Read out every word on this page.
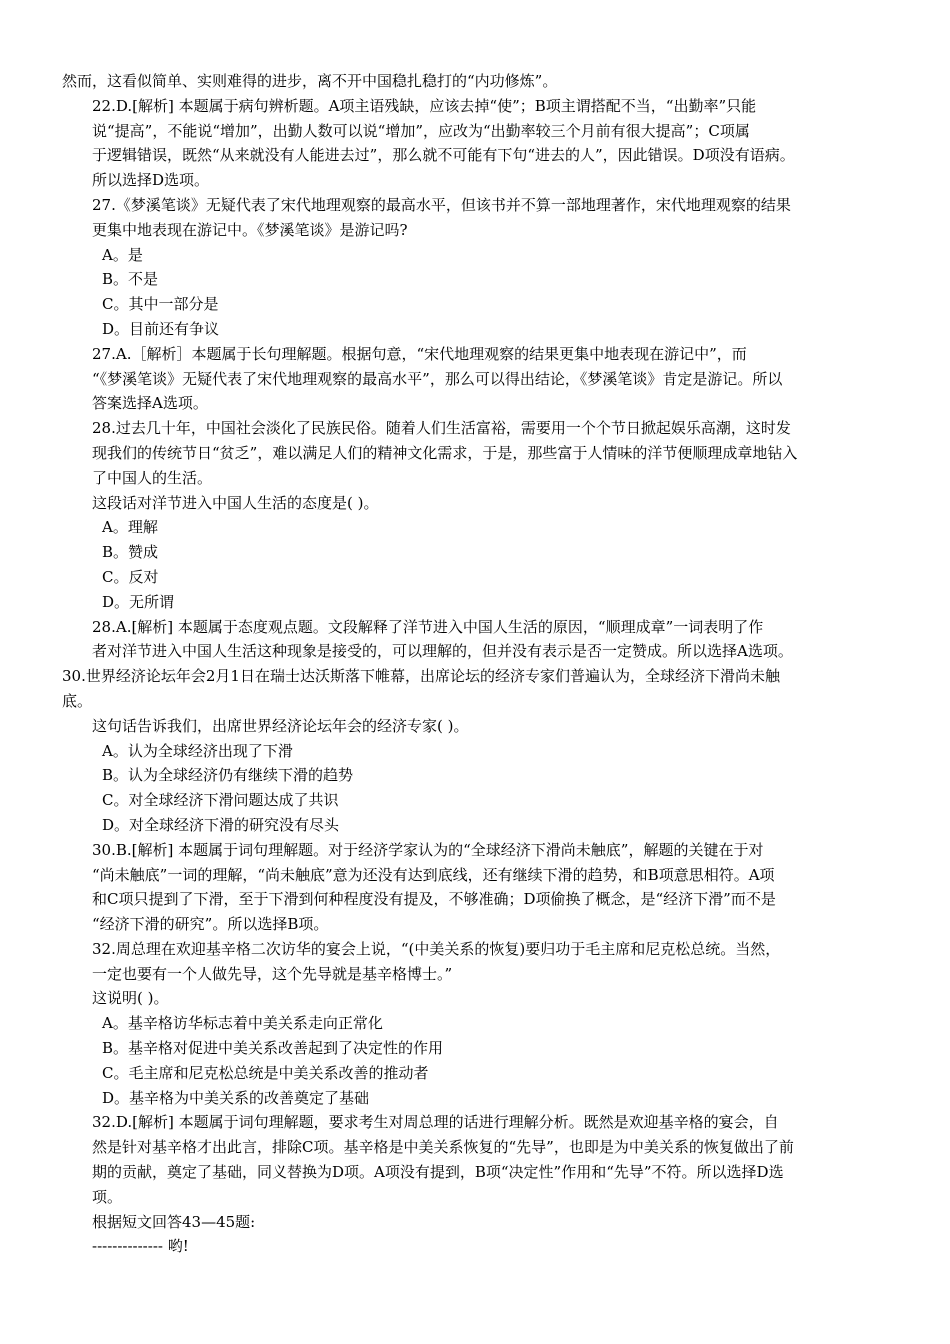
然而，这看似简单、实则难得的进步，离不开中国稳扎稳打的“内功修炼”。
22.D.[解析] 本题属于病句辨析题。A项主语残缺，应该去掉“使”；B项主谓搭配不当，“出勤率”只能
说“提高”，不能说“增加”，出勤人数可以说“增加”，应改为“出勤率较三个月前有很大提高”；C项属
于逻辑错误，既然“从来就没有人能进去过”，那么就不可能有下句“进去的人”，因此错误。D项没有语病。
所以选择D选项。
27.《梦溪笔谈》无疑代表了宋代地理观察的最高水平，但该书并不算一部地理著作，宋代地理观察的结果
更集中地表现在游记中。《梦溪笔谈》是游记吗?
A。是
B。不是
C。其中一部分是
D。目前还有争议
27.A.［解析］本题属于长句理解题。根据句意，“宋代地理观察的结果更集中地表现在游记中”，而
“《梦溪笔谈》无疑代表了宋代地理观察的最高水平”，那么可以得出结论，《梦溪笔谈》肯定是游记。所以
答案选择A选项。
28.过去几十年，中国社会淡化了民族民俗。随着人们生活富裕，需要用一个个节日掀起娱乐高潮，这时发
现我们的传统节日“贫乏”，难以满足人们的精神文化需求，于是，那些富于人情味的洋节便顺理成章地钻入
了中国人的生活。
这段话对洋节进入中国人生活的态度是( )。
A。理解
B。赞成
C。反对
D。无所谓
28.A.[解析] 本题属于态度观点题。文段解释了洋节进入中国人生活的原因，“顺理成章”一词表明了作
者对洋节进入中国人生活这种现象是接受的，可以理解的，但并没有表示是否一定赞成。所以选择A选项。
30.世界经济论坛年会2月1日在瑞士达沃斯落下帷幕，出席论坛的经济专家们普遍认为，全球经济下滑尚未触
底。
这句话告诉我们，出席世界经济论坛年会的经济专家( )。
A。认为全球经济出现了下滑
B。认为全球经济仍有继续下滑的趋势
C。对全球经济下滑问题达成了共识
D。对全球经济下滑的研究没有尽头
30.B.[解析] 本题属于词句理解题。对于经济学家认为的“全球经济下滑尚未触底”，解题的关键在于对
“尚未触底”一词的理解，“尚未触底”意为还没有达到底线，还有继续下滑的趋势，和B项意思相符。A项
和C项只提到了下滑，至于下滑到何种程度没有提及，不够准确；D项偷换了概念，是“经济下滑”而不是
“经济下滑的研究”。所以选择B项。
32.周总理在欢迎基辛格二次访华的宴会上说，“(中美关系的恢复)要归功于毛主席和尼克松总统。当然，
一定也要有一个人做先导，这个先导就是基辛格博士。”
这说明( )。
A。基辛格访华标志着中美关系走向正常化
B。基辛格对促进中美关系改善起到了决定性的作用
C。毛主席和尼克松总统是中美关系改善的推动者
D。基辛格为中美关系的改善奠定了基础
32.D.[解析] 本题属于词句理解题，要求考生对周总理的话进行理解分析。既然是欢迎基辛格的宴会，自
然是针对基辛格才出此言，排除C项。基辛格是中美关系恢复的“先导”，也即是为中美关系的恢复做出了前
期的贡献，奠定了基础，同义替换为D项。A项没有提到，B项“决定性”作用和“先导”不符。所以选择D选
项。
根据短文回答43—45题:
-------------- 哟!
